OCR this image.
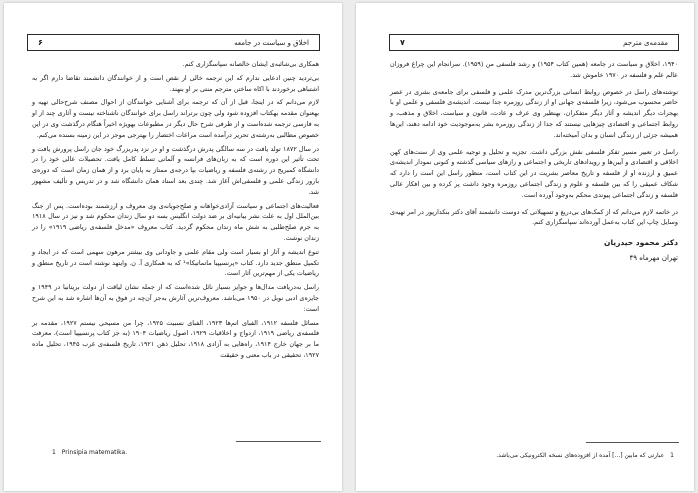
۶	اخلاق و سیاست در جامعه

همکاری بی‌شائبه‌ی ایشان خالصانه سپاسگزاری کنم.

بی‌تردید چنین ادعایی ندارم که این ترجمه خالی از نقص است و از خوانندگان دانشمند تقاضا دارم اگر به اشتباهی برخوردند با اکاه ساختن مترجم منتی بر او بنهند.

لازم می‌دانم که در اینجا، قبل از آن که ترجمه برای آشنایی خوانندگان از احوال مصنف شرح‌حالی تهیه و بهعنوان مقدمه بهکتاب افزوده شود ولی چون برتراند راسل برای خوانندگان ناشناخته نیست و آثاری چند از او به فارسی ترجمه شده‌است و از طرفی شرح حال دیگر در مطبوعات بهویژه اخیراً هنگام درگذشت وی در این خصوص مطالبی به‌رشته‌ی تحریر درآمده است مراعات اختصار را بهترجی موجز در این زمینه بسنده می‌کنم.

در سال ۱۸۷۲ تولد یافت در سه سالگی پدرش درگذشت و او در نزد پدربزرگ خود جان راسل پرورش یافت و تحت تأثیر این دوره است که به زبان‌های فرانسه و آلمانی تسلط کامل یافت. تحصیلات عالی خود را در دانشگاه کمبریج در رشته‌ی فلسفه و ریاضیات بپا درجه‌ی ممتاز به پایان برد و از همان زمان است که دوره‌ی بارور زندگی علمی و فلسفی‌اش آغاز شد. چندی بعد استاد همان دانشگاه شد و در تدریس و تألیف مشهور شد.

فعالیت‌های اجتماعی و سیاست آزادی‌خواهانه و صلح‌جویانه‌ی وی معروف و ارزشمند بوده‌است. پس از جنگ بین‌الملل اول به علت نشر بیانیه‌ای بر ضد دولت انگلیس بسه دو سال زندان محکوم شد و نیز در سال ۱۹۱۸ به جرم صلح‌طلبی به شش ماه زندان محکوم گردید. کتاب معروف «مدخل فلسفه‌ی ریاضی ۱۹۱۹» را در زندان نوشت.

تنوع اندیشه و آثار او بسیار است ولی مقام علمی و جاودانی وی بیشتر مرهون سهمی است که در ایجاد و تکمیل منطق جدید دارد. کتاب «پرنسیپیا ماتماتیکا»¹ که به همکاری آ. ن. وایتهد نوشته است در تاریخ منطق و ریاضیات یکی از مهم‌ترین آثار است.

راسل به‌دریافت مدال‌ها و جوایز بسیار نائل شده‌است که از جمله نشان لیاقت از دولت بریتانیا در ۱۹۴۹ و جایزه‌ی ادبی نوبل در ۱۹۵۰ می‌باشد. معروف‌ترین آثارش به‌جز آن‌چه در فوق به آن‌ها اشاره شد به این شرح است:

مسائل فلسفه ۱۹۱۲، الفبای اتم‌ها ۱۹۲۳، الفبای نسبیت ۱۹۲۵، چرا من مسیحی نیستم ۱۹۲۷، مقدمه بر فلسفه‌ی ریاضی ۱۹۱۹، ازدواج و اخلاقیات ۱۹۲۹، اصول ریاضیات ۱۹۰۴ (به جز کتاب پرنسیپیا است)، معرفت ما بر جهان خارج ۱۹۱۴، راه‌هایی به آزادی ۱۹۱۸، تحلیل ذهن ۱۹۲۱، تاریخ فلسفه‌ی غرب ۱۹۴۵، تحلیل ماده ۱۹۲۷، تحقیقی در باب معنی و حقیقت

1 Prinsipia matematika.
۷	مقدمه‌ی مترجم

۱۹۴۰، اخلاق و سیاست در جامعه (همین کتاب ۱۹۵۴) و رشد فلسفی من (۱۹۵۹). سرانجام این چراغ فروزان عالم علم و فلسفه در ۱۹۷۰ خاموش شد.

نوشته‌های راسل در خصوص روابط انسانی بزرگ‌ترین مدرک علمی و فلسفی برای جامعه‌ی بشری در عصر حاضر محسوب می‌شود، زیرا فلسفه‌ی جهانی او از زندگی روزمره جدا نیست. اندیشه‌ی فلسفی و علمی او با بهجرات دیگر اندیشه و آثار دیگر متفکران، بهنظیر وی عرف و عادت، قانون و سیاست، اخلاق و مذهب، و روابط اجتماعی و اقتصادی چیزهایی نیستند که جدا از زندگی روزمره بشر به‌موجودیت خود ادامه دهند، این‌ها همیشه جزئی از زندگی انسان و بدان آمیخته‌اند.

راسل در تعبیر مسیر تفکر فلسفی نقش بزرگی داشت. تجزیه و تحلیل و توجیه علمی وی از سنت‌های کهن اخلاقی و اقتصادی و آیین‌ها و رویدادهای تاریخی و اجتماعی و رازهای سیاسی گذشته و کنونی نمودار اندیشه‌ی عمیق و ارزنده او از فلسفه و تاریخ معاصر بشریت در این کتاب است. منظور راسل این است را دارد که شکاف عمیقی را که بین فلسفه و علوم و زندگی اجتماعی روزمره وجود داشت پر کرده و بین افکار عالی فلسفه و زندگی اجتماعی پیوندی محکم به‌وجود آورده است.

در خاتمه لازم می‌دانم که از کمک‌های بی‌دریغ و تسهیلاتی که دوست دانشمند آقای دکتر بنکدارپور در امر تهیه‌ی وسایل چاپ این کتاب به‌عمل آورده‌اند سپاسگزاری کنم.

دکتر محمود حیدریان
تهران مهرماه ۴۹
1 عبارتی که مابین [...] آمده از افزوده‌های نسخه الکترونیکی می‌باشد.
